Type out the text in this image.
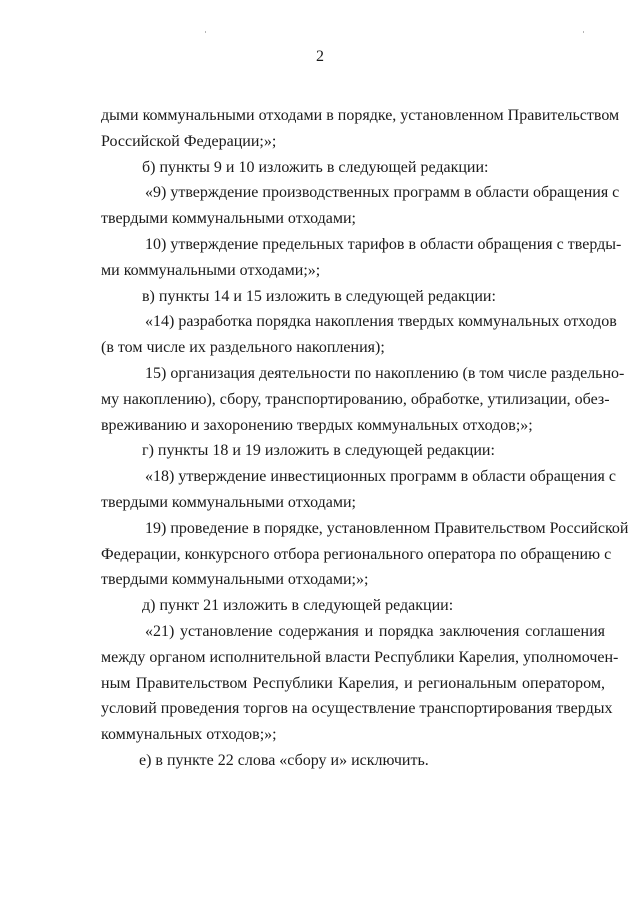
2
дыми коммунальными отходами в порядке, установленном Правительством
Российской Федерации;»;
б) пункты 9 и 10 изложить в следующей редакции:
«9) утверждение производственных программ в области обращения с
твердыми коммунальными отходами;
10) утверждение предельных тарифов в области обращения с тверды-
ми коммунальными отходами;»;
в) пункты 14 и 15 изложить в следующей редакции:
«14) разработка порядка накопления твердых коммунальных отходов
(в том числе их раздельного накопления);
15) организация деятельности по накоплению (в том числе раздельно-
му накоплению), сбору, транспортированию, обработке, утилизации, обез-
вреживанию и захоронению твердых коммунальных отходов;»;
г) пункты 18 и 19 изложить в следующей редакции:
«18) утверждение инвестиционных программ в области обращения с
твердыми коммунальными отходами;
19) проведение в порядке, установленном Правительством Российской
Федерации, конкурсного отбора регионального оператора по обращению с
твердыми коммунальными отходами;»;
д) пункт 21 изложить в следующей редакции:
«21) установление содержания и порядка заключения соглашения
между органом исполнительной власти Республики Карелия, уполномочен-
ным Правительством Республики Карелия, и региональным оператором,
условий проведения торгов на осуществление транспортирования твердых
коммунальных отходов;»;
е) в пункте 22 слова «сбору и» исключить.
